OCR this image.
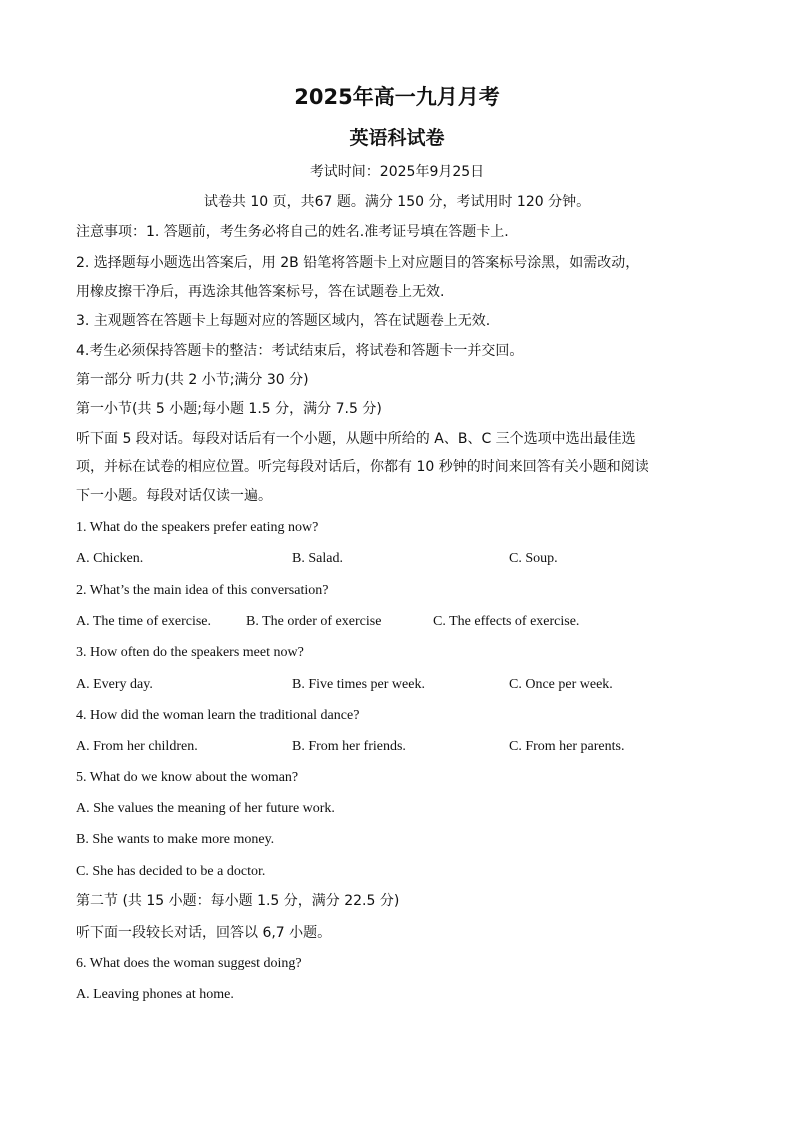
2025年高一九月月考
英语科试卷
考试时间：2025年9月25日
试卷共 10 页，共67 题。满分 150 分，考试用时 120 分钟。
注意事项：1. 答题前，考生务必将自己的姓名.准考证号填在答题卡上.
2. 选择题每小题选出答案后，用 2B 铅笔将答题卡上对应题目的答案标号涂黑，如需改动，
用橡皮擦干净后，再选涂其他答案标号，答在试题卷上无效.
3. 主观题答在答题卡上每题对应的答题区域内，答在试题卷上无效.
4.考生必须保持答题卡的整洁：考试结束后，将试卷和答题卡一并交回。
第一部分 听力(共 2 小节;满分 30 分)
第一小节(共 5 小题;每小题 1.5 分，满分 7.5 分)
听下面 5 段对话。每段对话后有一个小题，从题中所给的 A、B、C 三个选项中选出最佳选
项，并标在试卷的相应位置。听完每段对话后，你都有 10 秒钟的时间来回答有关小题和阅读
下一小题。每段对话仅读一遍。
1. What do the speakers prefer eating now?
A. Chicken.	B. Salad.	C. Soup.
2. What’s the main idea of this conversation?
A. The time of exercise. B. The order of exercise	C. The effects of exercise.
3. How often do the speakers meet now?
A. Every day.	B. Five times per week.	C. Once per week.
4. How did the woman learn the traditional dance?
A. From her children.	B. From her friends.	C. From her parents.
5. What do we know about the woman?
A. She values the meaning of her future work.
B. She wants to make more money.
C. She has decided to be a doctor.
第二节 (共 15 小题：每小题 1.5 分，满分 22.5 分)
听下面一段较长对话，回答以 6,7 小题。
6. What does the woman suggest doing?
A. Leaving phones at home.
